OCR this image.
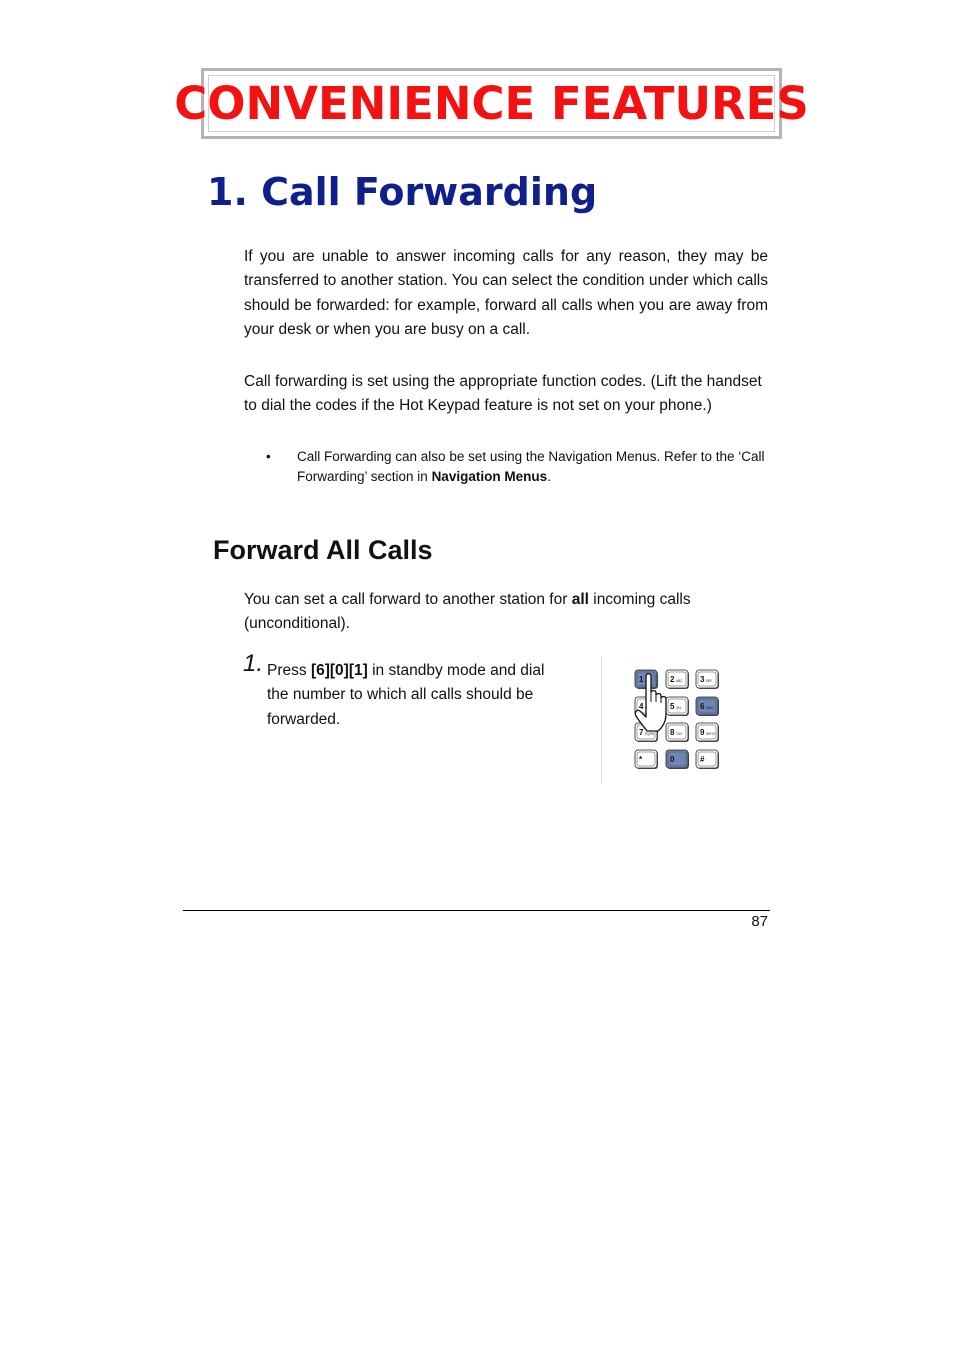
CONVENIENCE FEATURES
1. Call Forwarding

If you are unable to answer incoming calls for any reason, they may be transferred to another station. You can select the condition under which calls should be forwarded: for example, forward all calls when you are away from your desk or when you are busy on a call.

Call forwarding is set using the appropriate function codes. (Lift the handset to dial the codes if the Hot Keypad feature is not set on your phone.)

• Call Forwarding can also be set using the Navigation Menus. Refer to the ‘Call Forwarding’ section in Navigation Menus.
Forward All Calls

You can set a call forward to another station for all incoming calls (unconditional).

1. Press [6][0][1] in standby mode and dial the number to which all calls should be forwarded.
1	2 ABC 3 DEF
4	5 JKL 6 MNO
7 PQRS 8 TUV 9 WXYZ
*	0	#
87
